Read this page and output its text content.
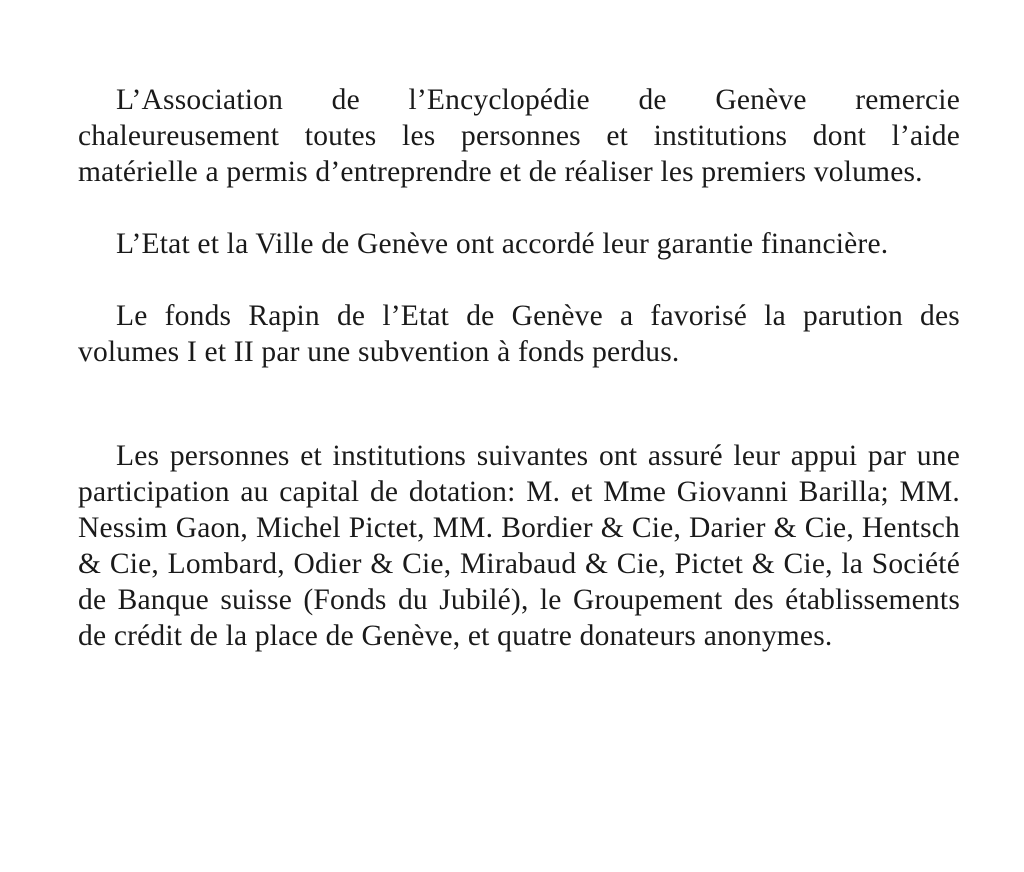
L’Association de l’Encyclopédie de Genève remercie chaleureusement toutes les personnes et institutions dont l’aide matérielle a permis d’entreprendre et de réaliser les premiers volumes.

L’Etat et la Ville de Genève ont accordé leur garantie financière.

Le fonds Rapin de l’Etat de Genève a favorisé la parution des volumes I et II par une subvention à fonds perdus.

Les personnes et institutions suivantes ont assuré leur appui par une participation au capital de dotation: M. et Mme Giovanni Barilla; MM. Nessim Gaon, Michel Pictet, MM. Bordier & Cie, Darier & Cie, Hentsch & Cie, Lombard, Odier & Cie, Mirabaud & Cie, Pictet & Cie, la Société de Banque suisse (Fonds du Jubilé), le Groupement des établissements de crédit de la place de Genève, et quatre donateurs anonymes.
